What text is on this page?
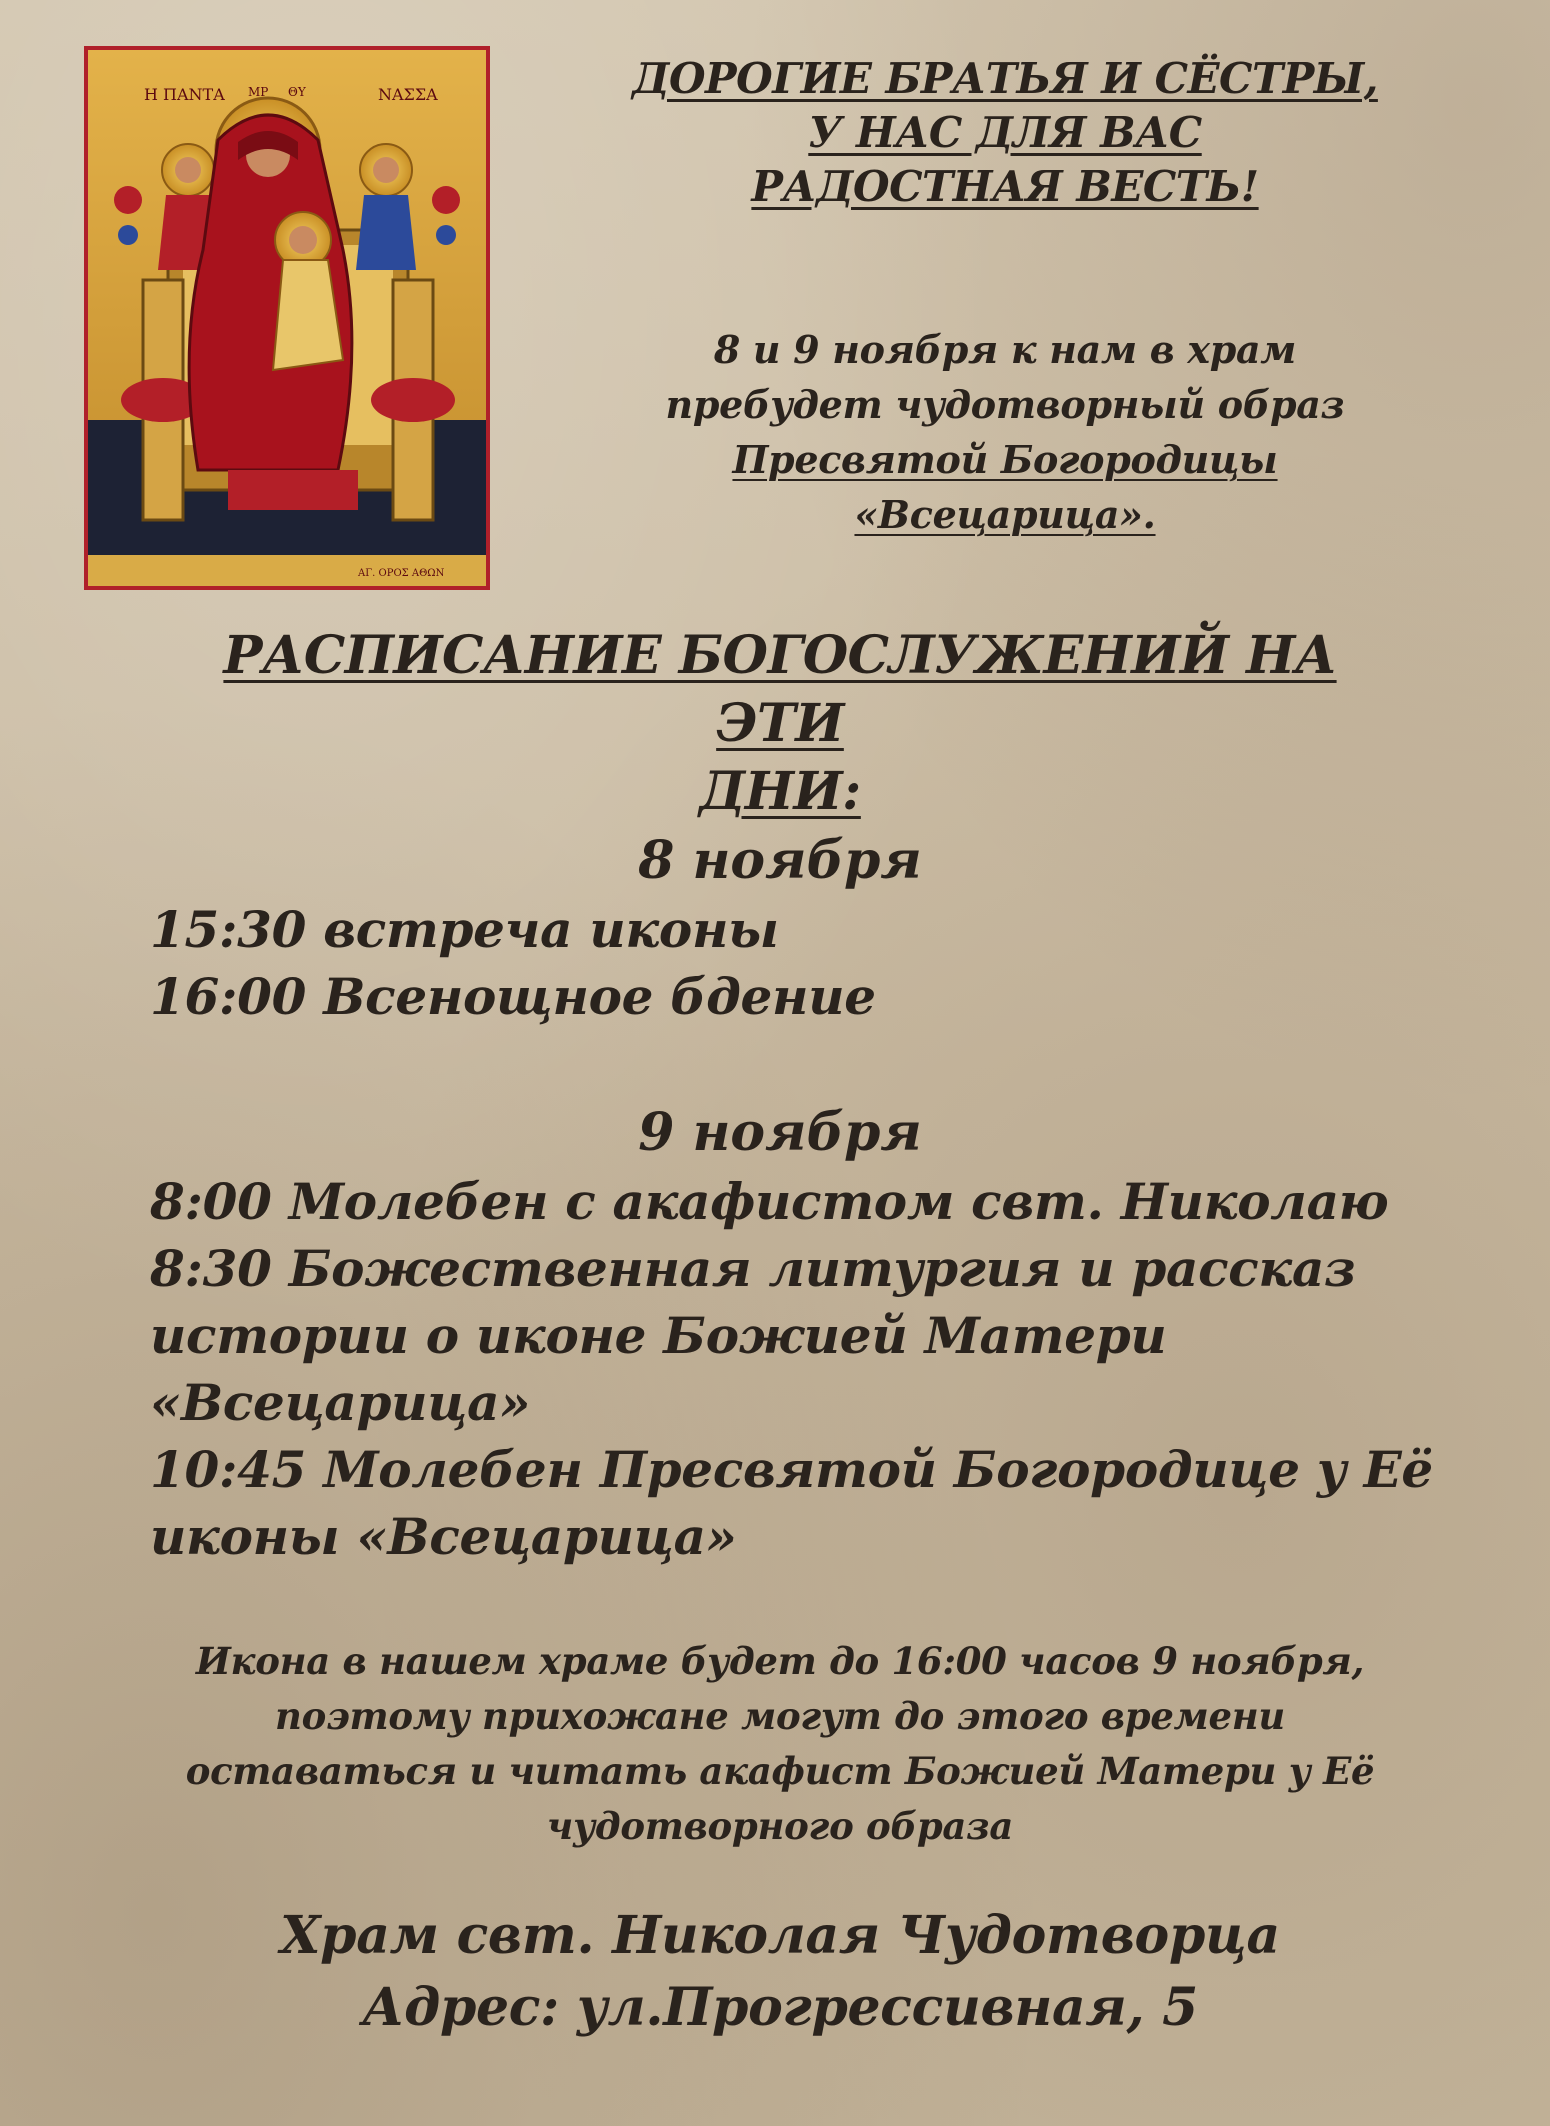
Η ΠΑΝΤΑ ΜΡ	ΝΑΣΣΑ
ΘΥ
ΑΓ. ΟΡΟΣ ΑΘΩΝ
ДОРОГИЕ БРАТЬЯ И СЁСТРЫ,
У НАС ДЛЯ ВАС
РАДОСТНАЯ ВЕСТЬ!
8 и 9 ноября к нам в храм
пребудет чудотворный образ
Пресвятой Богородицы
«Всецарица».
РАСПИСАНИЕ БОГОСЛУЖЕНИЙ НА ЭТИ
ДНИ:
8 ноября
15:30 встреча иконы
16:00 Всенощное бдение
9 ноября
8:00 Молебен с акафистом свт. Николаю
8:30 Божественная литургия и рассказ
истории о иконе Божией Матери
«Всецарица»
10:45 Молебен Пресвятой Богородице у Её
иконы «Всецарица»
Икона в нашем храме будет до 16:00 часов 9 ноября,
поэтому прихожане могут до этого времени
оставаться и читать акафист Божией Матери у Её
чудотворного образа
Храм свт. Николая Чудотворца
Адрес: ул.Прогрессивная, 5
